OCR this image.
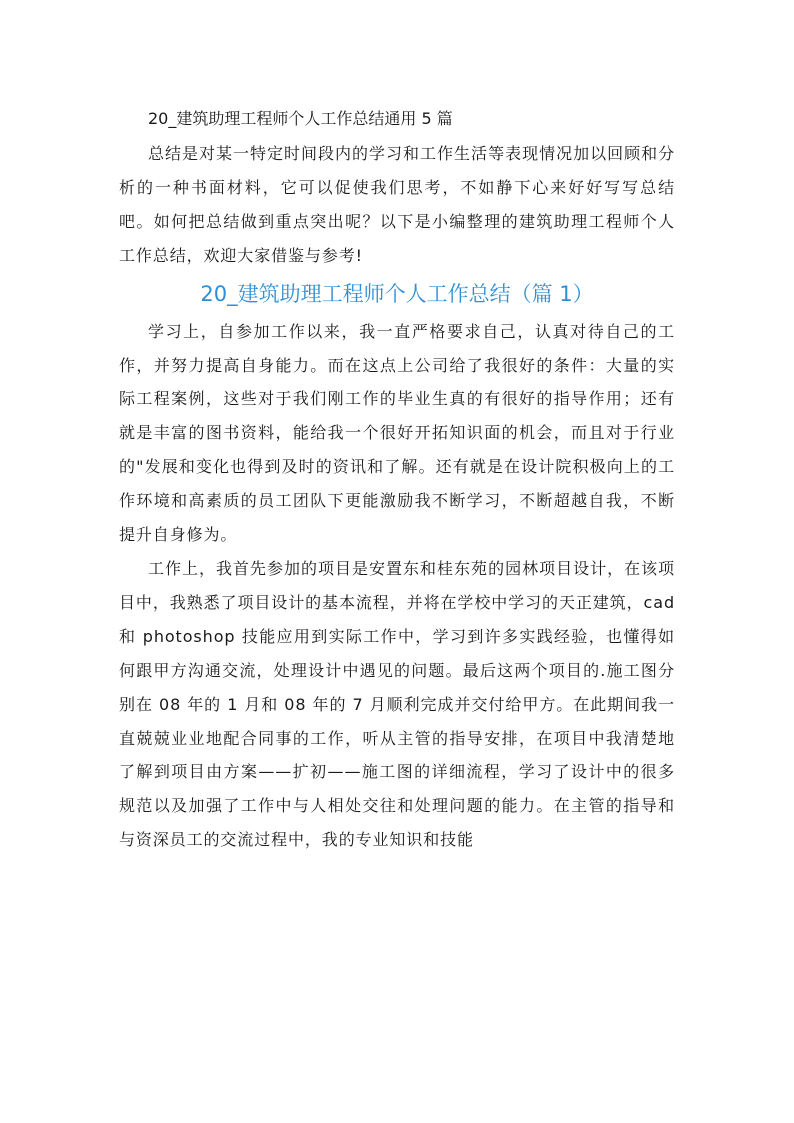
20_建筑助理工程师个人工作总结通用 5 篇

总结是对某一特定时间段内的学习和工作生活等表现情况加以回顾和分析的一种书面材料，它可以促使我们思考，不如静下心来好好写写总结吧。如何把总结做到重点突出呢？以下是小编整理的建筑助理工程师个人工作总结，欢迎大家借鉴与参考!

20_建筑助理工程师个人工作总结（篇 1）

学习上，自参加工作以来，我一直严格要求自己，认真对待自己的工作，并努力提高自身能力。而在这点上公司给了我很好的条件：大量的实际工程案例，这些对于我们刚工作的毕业生真的有很好的指导作用；还有就是丰富的图书资料，能给我一个很好开拓知识面的机会，而且对于行业的"发展和变化也得到及时的资讯和了解。还有就是在设计院积极向上的工作环境和高素质的员工团队下更能激励我不断学习，不断超越自我，不断提升自身修为。

工作上，我首先参加的项目是安置东和桂东苑的园林项目设计，在该项目中，我熟悉了项目设计的基本流程，并将在学校中学习的天正建筑，cad 和 photoshop 技能应用到实际工作中，学习到许多实践经验，也懂得如何跟甲方沟通交流，处理设计中遇见的问题。最后这两个项目的.施工图分别在 08 年的 1 月和 08 年的 7 月顺利完成并交付给甲方。在此期间我一直兢兢业业地配合同事的工作，听从主管的指导安排，在项目中我清楚地了解到项目由方案——扩初——施工图的详细流程，学习了设计中的很多规范以及加强了工作中与人相处交往和处理问题的能力。在主管的指导和与资深员工的交流过程中，我的专业知识和技能
